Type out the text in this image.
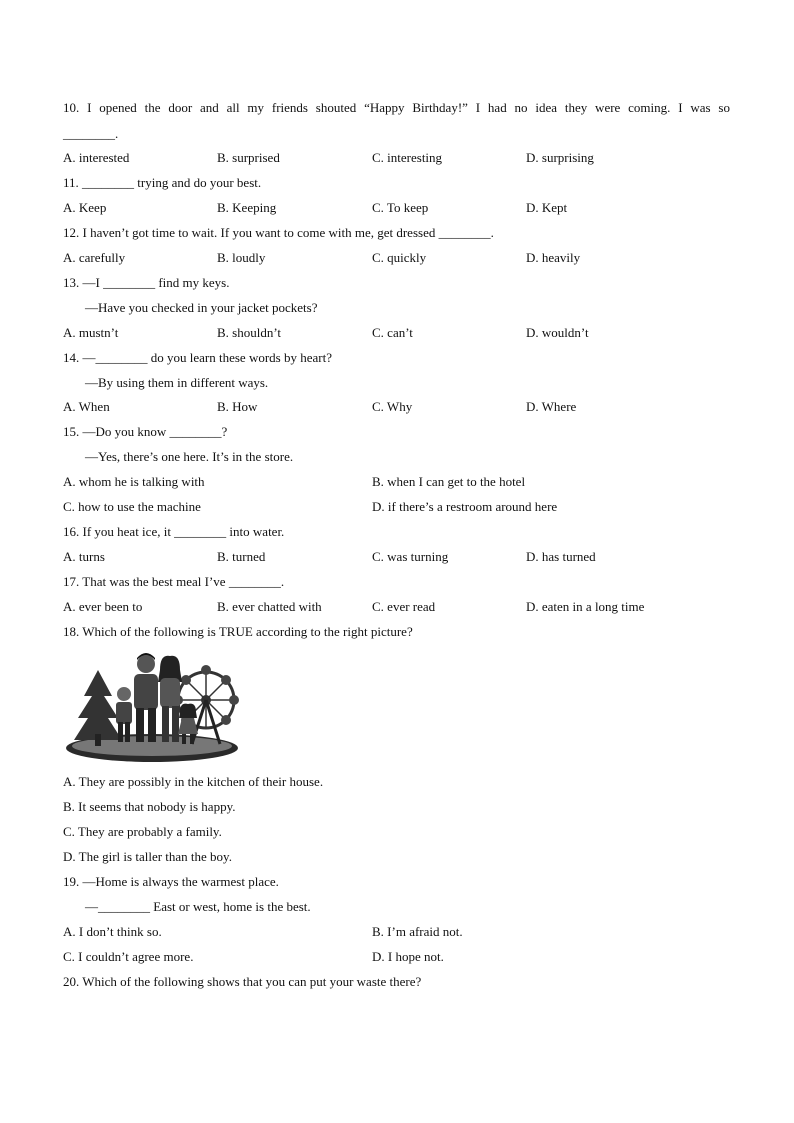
10. I opened the door and all my friends shouted “Happy Birthday!” I had no idea they were coming. I was so
________.
A. interested	B. surprised	C. interesting	D. surprising
11. ________ trying and do your best.
A. Keep	B. Keeping	C. To keep	D. Kept
12. I haven’t got time to wait. If you want to come with me, get dressed ________.
A. carefully	B. loudly	C. quickly	D. heavily
13. —I ________ find my keys.
—Have you checked in your jacket pockets?
A. mustn’t	B. shouldn’t	C. can’t	D. wouldn’t
14. —________ do you learn these words by heart?
—By using them in different ways.
A. When	B. How	C. Why	D. Where
15. —Do you know ________?
—Yes, there’s one here. It’s in the store.
A. whom he is talking with	B. when I can get to the hotel
C. how to use the machine	D. if there’s a restroom around here
16. If you heat ice, it ________ into water.
A. turns	B. turned	C. was turning	D. has turned
17. That was the best meal I’ve ________.
A. ever been to	B. ever chatted with	C. ever read	D. eaten in a long time
18. Which of the following is TRUE according to the right picture?
A. They are possibly in the kitchen of their house.
B. It seems that nobody is happy.
C. They are probably a family.
D. The girl is taller than the boy.
19. —Home is always the warmest place.
—________ East or west, home is the best.
A. I don’t think so.	B. I’m afraid not.
C. I couldn’t agree more.	D. I hope not.
20. Which of the following shows that you can put your waste there?
